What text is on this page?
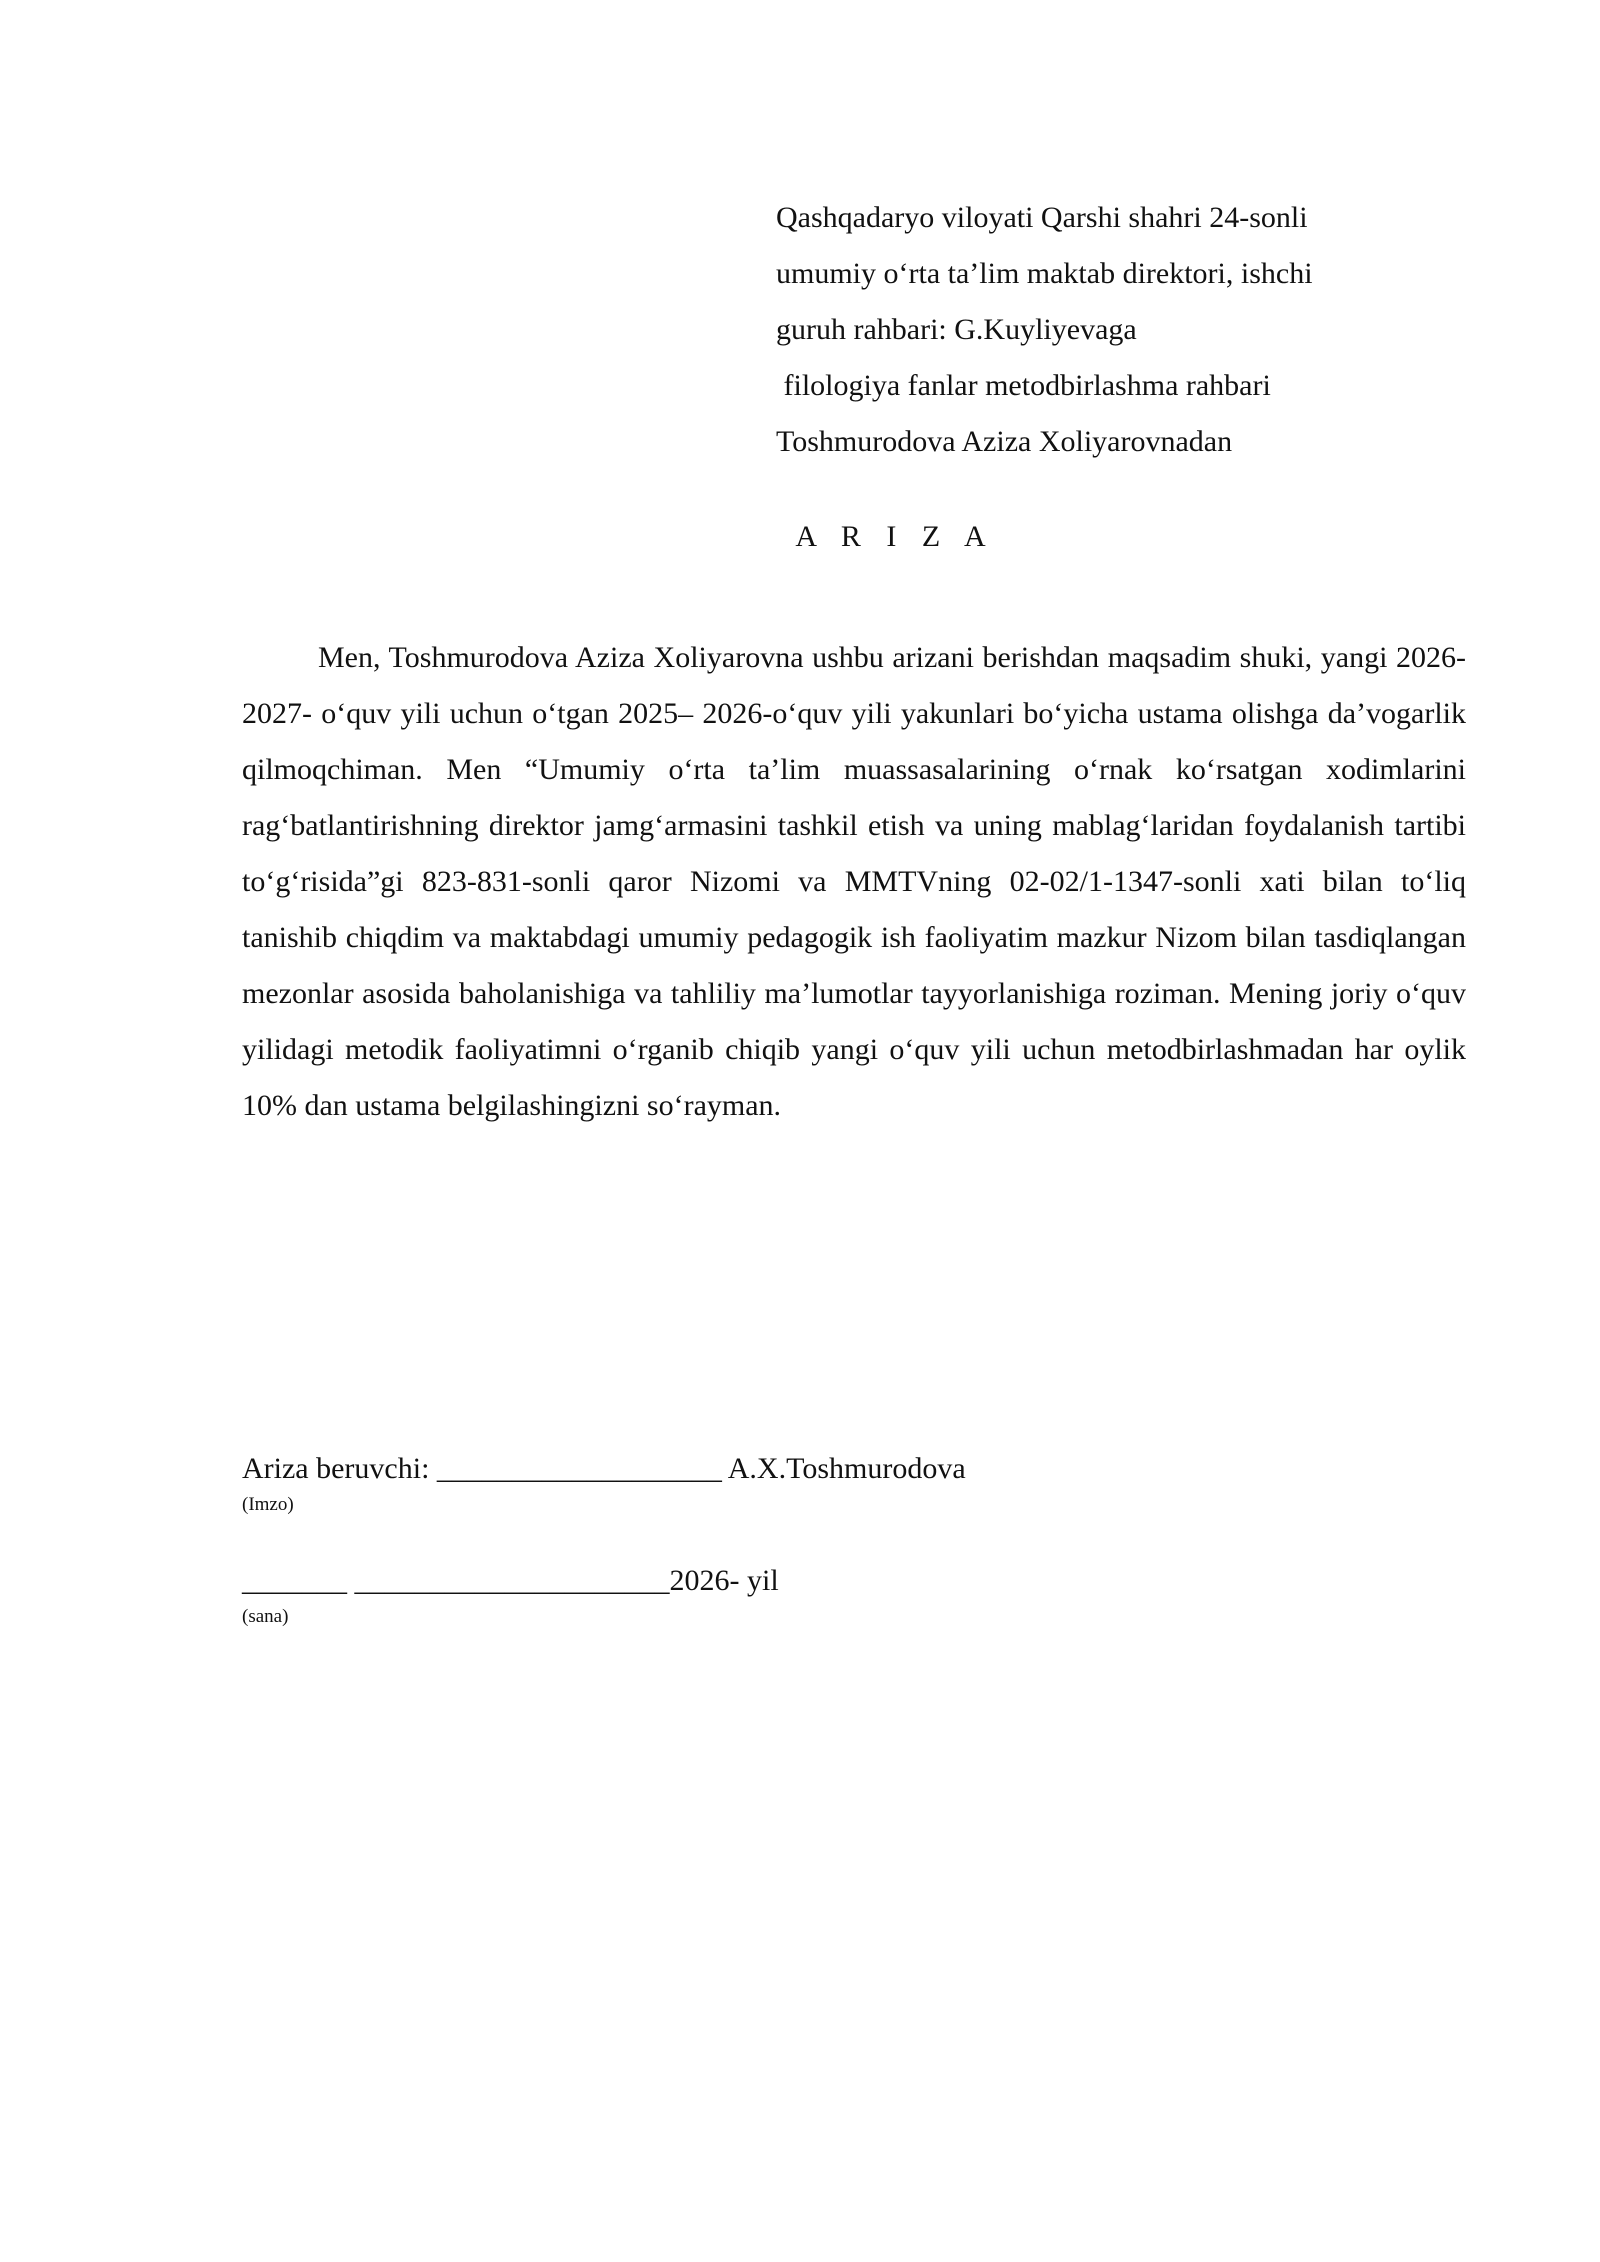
Qashqadaryo viloyati Qarshi shahri 24-sonli
umumiy o‘rta ta’lim maktab direktori, ishchi
guruh rahbari: G.Kuyliyevaga
filologiya fanlar metodbirlashma rahbari
Toshmurodova Aziza Xoliyarovnadan
A R I Z A

Men, Toshmurodova Aziza Xoliyarovna ushbu arizani berishdan maqsadim shuki, yangi 2026- 2027- o‘quv yili uchun o‘tgan 2025– 2026-o‘quv yili yakunlari bo‘yicha ustama olishga da’vogarlik qilmoqchiman. Men “Umumiy o‘rta ta’lim muassasalarining o‘rnak ko‘rsatgan xodimlarini rag‘batlantirishning direktor jamg‘armasini tashkil etish va uning mablag‘laridan foydalanish tartibi to‘g‘risida”gi 823-831-sonli qaror Nizomi va MMTVning 02-02/1-1347-sonli xati bilan to‘liq tanishib chiqdim va maktabdagi umumiy pedagogik ish faoliyatim mazkur Nizom bilan tasdiqlangan mezonlar asosida baholanishiga va tahliliy ma’lumotlar tayyorlanishiga roziman. Mening joriy o‘quv yilidagi metodik faoliyatimni o‘rganib chiqib yangi o‘quv yili uchun metodbirlashmadan har oylik 10% dan ustama belgilashingizni so‘rayman.

Ariza beruvchi: ___________________ A.X.Toshmurodova
(Imzo)
_______ _____________________2026- yil
(sana)
